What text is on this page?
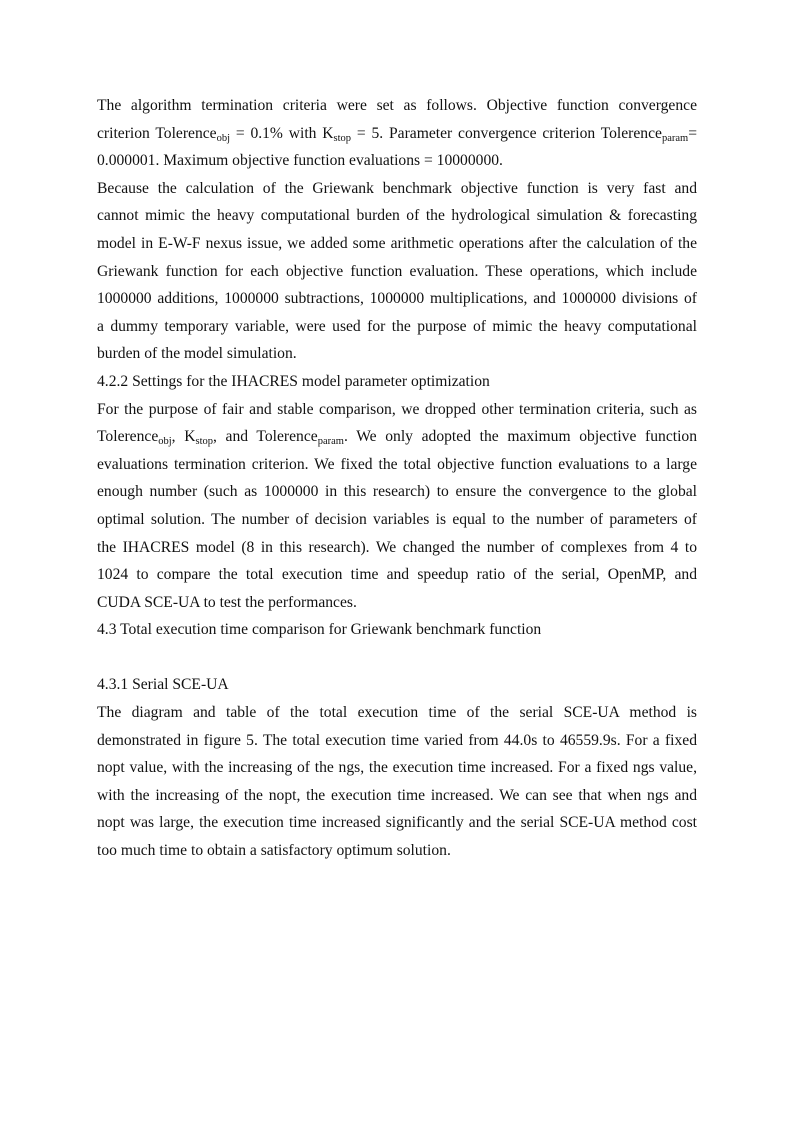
The algorithm termination criteria were set as follows. Objective function convergence

criterion Tolerence$_{obj}$ = 0.1% with $K_{stop} = 5$. Parameter convergence criterion Tolerence$_{param}$=

0.000001. Maximum objective function evaluations = 10000000.

Because the calculation of the Griewank benchmark objective function is very fast and

cannot mimic the heavy computational burden of the hydrological simulation & forecasting

model in E-W-F nexus issue, we added some arithmetic operations after the calculation of the

Griewank function for each objective function evaluation. These operations, which include

1000000 additions, 1000000 subtractions, 1000000 multiplications, and 1000000 divisions of

a dummy temporary variable, were used for the purpose of mimic the heavy computational

burden of the model simulation.

4.2.2 Settings for the IHACRES model parameter optimization

For the purpose of fair and stable comparison, we dropped other termination criteria, such as

Tolerence$_{obj}$, $K_{stop}$, and Tolerence$_{param}$. We only adopted the maximum objective function

evaluations termination criterion. We fixed the total objective function evaluations to a large

enough number (such as 1000000 in this research) to ensure the convergence to the global

optimal solution. The number of decision variables is equal to the number of parameters of

the IHACRES model (8 in this research). We changed the number of complexes from 4 to

1024 to compare the total execution time and speedup ratio of the serial, OpenMP, and

CUDA SCE-UA to test the performances.

4.3 Total execution time comparison for Griewank benchmark function

4.3.1 Serial SCE-UA

The diagram and table of the total execution time of the serial SCE-UA method is

demonstrated in figure 5. The total execution time varied from 44.0s to 46559.9s. For a fixed

nopt value, with the increasing of the ngs, the execution time increased. For a fixed ngs value,

with the increasing of the nopt, the execution time increased. We can see that when ngs and

nopt was large, the execution time increased significantly and the serial SCE-UA method cost

too much time to obtain a satisfactory optimum solution.
